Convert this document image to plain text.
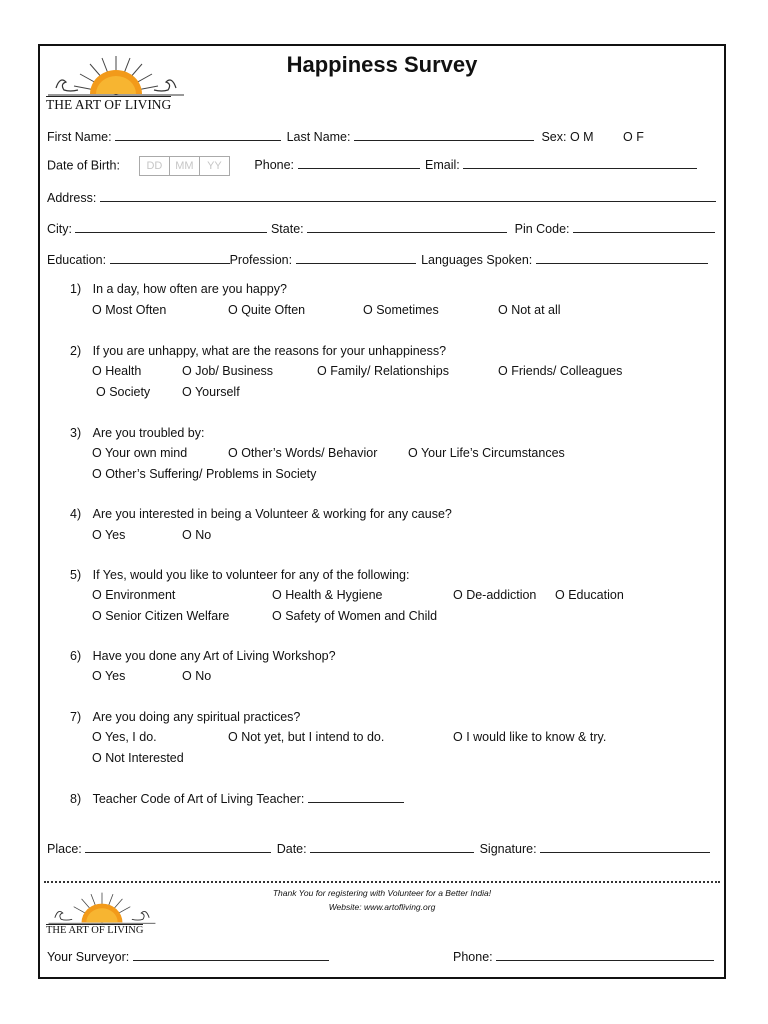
THE ART OF LIVING
Happiness Survey
First Name:	Last Name:	Sex: O M O F
Date of Birth: DD MM YY	Phone:	Email:
Address:
City:	State:	Pin Code:
Education:	Profession:	Languages Spoken:
1) In a day, how often are you happy?
O Most Often	O Quite Often	O Sometimes	O Not at all
2) If you are unhappy, what are the reasons for your unhappiness?
O Health	O Job/ Business	O Family/ Relationships	O Friends/ Colleagues
O Society	O Yourself
3) Are you troubled by:
O Your own mind	O Other’s Words/ Behavior O Your Life’s Circumstances
O Other’s Suffering/ Problems in Society
4) Are you interested in being a Volunteer & working for any cause?
O Yes	O No
5) If Yes, would you like to volunteer for any of the following:
O Environment	O Health & Hygiene	O De-addiction O Education
O Senior Citizen Welfare	O Safety of Women and Child
6) Have you done any Art of Living Workshop?
O Yes	O No
7) Are you doing any spiritual practices?
O Yes, I do.	O Not yet, but I intend to do.	O I would like to know & try.
O Not Interested
8) Teacher Code of Art of Living Teacher:
Place:	Date:	Signature:
THE ART OF LIVING
Thank You for registering with Volunteer for a Better India!
Website: www.artofliving.org
Your Surveyor:	Phone:
